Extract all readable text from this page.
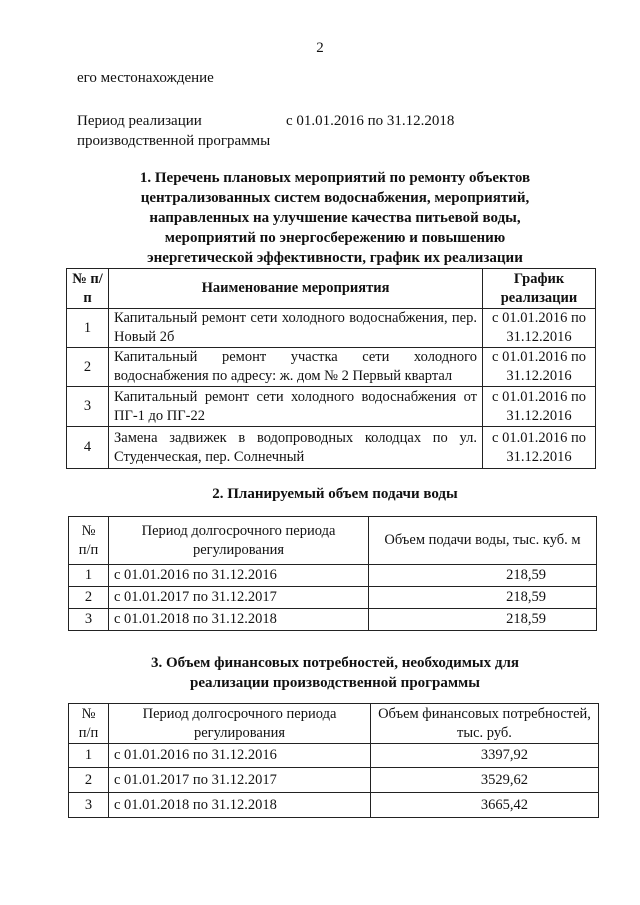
2
его местонахождение
Период реализации	с 01.01.2016 по 31.12.2018
производственной программы
1. Перечень плановых мероприятий по ремонту объектов
централизованных систем водоснабжения, мероприятий,
направленных на улучшение качества питьевой воды,
мероприятий по энергосбережению и повышению
энергетической эффективности, график их реализации
№ п/п	Наименование мероприятия	График реализации
1	Капитальный ремонт сети холодного водоснабжения, пер. Новый 2б	с 01.01.2016 по 31.12.2016
2	Капитальный ремонт участка сети холодного водоснабжения по адресу: ж. дом № 2 Первый квартал	с 01.01.2016 по 31.12.2016
3	Капитальный ремонт сети холодного водоснабжения от ПГ-1 до ПГ-22	с 01.01.2016 по 31.12.2016
4	Замена задвижек в водопроводных колодцах по ул. Студенческая, пер. Солнечный	с 01.01.2016 по 31.12.2016
2. Планируемый объем подачи воды
№ п/п	Период долгосрочного периода регулирования	Объем подачи воды, тыс. куб. м
1	с 01.01.2016 по 31.12.2016	218,59
2	с 01.01.2017 по 31.12.2017	218,59
3	с 01.01.2018 по 31.12.2018	218,59
3. Объем финансовых потребностей, необходимых для
реализации производственной программы
№ п/п	Период долгосрочного периода регулирования	Объем финансовых потребностей, тыс. руб.
1	с 01.01.2016 по 31.12.2016	3397,92
2	с 01.01.2017 по 31.12.2017	3529,62
3	с 01.01.2018 по 31.12.2018	3665,42
